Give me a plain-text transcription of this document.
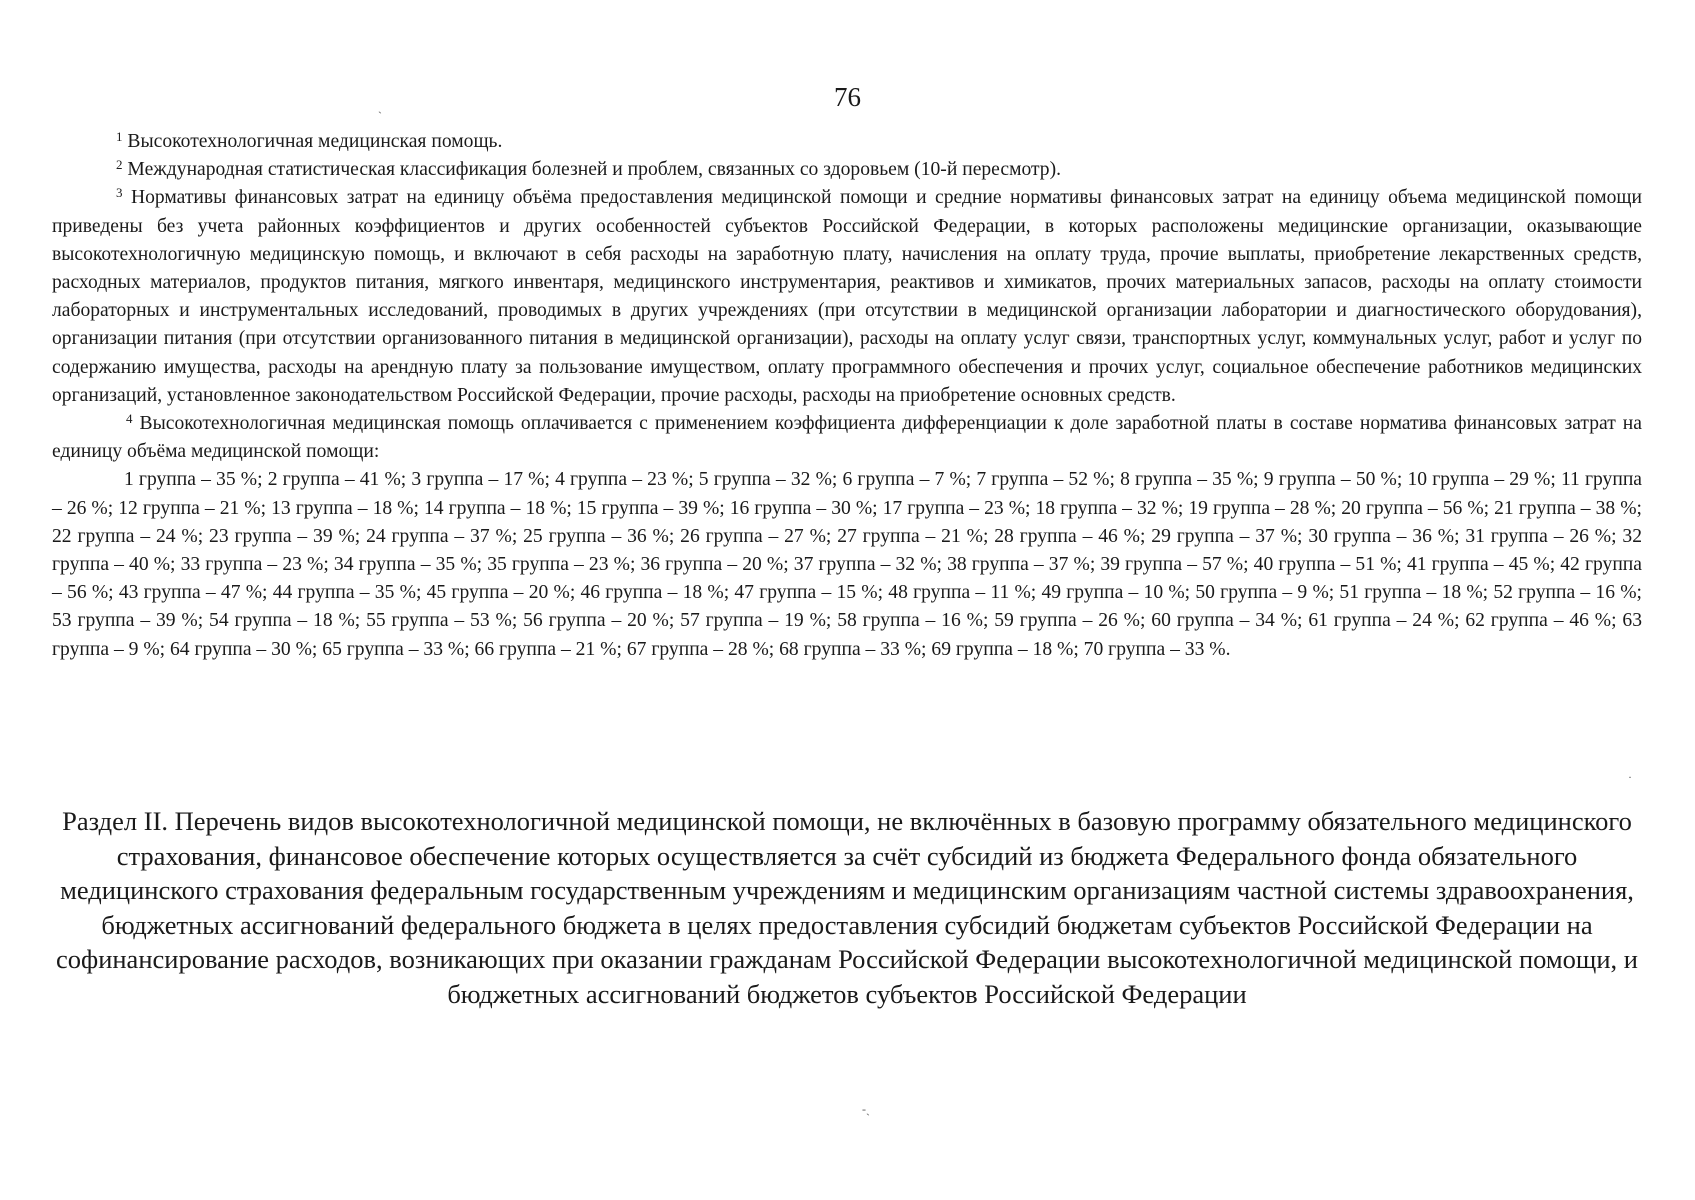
76

$^1$ Высокотехнологичная медицинская помощь.

$^2$ Международная статистическая классификация болезней и проблем, связанных со здоровьем (10-й пересмотр).

$^3$ Нормативы финансовых затрат на единицу объёма предоставления медицинской помощи и средние нормативы финансовых затрат на единицу объема медицинской помощи приведены без учета районных коэффициентов и других особенностей субъектов Российской Федерации, в которых расположены медицинские организации, оказывающие высокотехнологичную медицинскую помощь, и включают в себя расходы на заработную плату, начисления на оплату труда, прочие выплаты, приобретение лекарственных средств, расходных материалов, продуктов питания, мягкого инвентаря, медицинского инструментария, реактивов и химикатов, прочих материальных запасов, расходы на оплату стоимости лабораторных и инструментальных исследований, проводимых в других учреждениях (при отсутствии в медицинской организации лаборатории и диагностического оборудования), организации питания (при отсутствии организованного питания в медицинской организации), расходы на оплату услуг связи, транспортных услуг, коммунальных услуг, работ и услуг по содержанию имущества, расходы на арендную плату за пользование имуществом, оплату программного обеспечения и прочих услуг, социальное обеспечение работников медицинских организаций, установленное законодательством Российской Федерации, прочие расходы, расходы на приобретение основных средств.

$^4$ Высокотехнологичная медицинская помощь оплачивается с применением коэффициента дифференциации к доле заработной платы в составе норматива финансовых затрат на единицу объёма медицинской помощи:

1 группа – 35 %; 2 группа – 41 %; 3 группа – 17 %; 4 группа – 23 %; 5 группа – 32 %; 6 группа – 7 %; 7 группа – 52 %; 8 группа – 35 %; 9 группа – 50 %; 10 группа – 29 %; 11 группа – 26 %; 12 группа – 21 %; 13 группа – 18 %; 14 группа – 18 %; 15 группа – 39 %; 16 группа – 30 %; 17 группа – 23 %; 18 группа – 32 %; 19 группа – 28 %; 20 группа – 56 %; 21 группа – 38 %; 22 группа – 24 %; 23 группа – 39 %; 24 группа – 37 %; 25 группа – 36 %; 26 группа – 27 %; 27 группа – 21 %; 28 группа – 46 %; 29 группа – 37 %; 30 группа – 36 %; 31 группа – 26 %; 32 группа – 40 %; 33 группа – 23 %; 34 группа – 35 %; 35 группа – 23 %; 36 группа – 20 %; 37 группа – 32 %; 38 группа – 37 %; 39 группа – 57 %; 40 группа – 51 %; 41 группа – 45 %; 42 группа – 56 %; 43 группа – 47 %; 44 группа – 35 %; 45 группа – 20 %; 46 группа – 18 %; 47 группа – 15 %; 48 группа – 11 %; 49 группа – 10 %; 50 группа – 9 %; 51 группа – 18 %; 52 группа – 16 %; 53 группа – 39 %; 54 группа – 18 %; 55 группа – 53 %; 56 группа – 20 %; 57 группа – 19 %; 58 группа – 16 %; 59 группа – 26 %; 60 группа – 34 %; 61 группа – 24 %; 62 группа – 46 %; 63 группа – 9 %; 64 группа – 30 %; 65 группа – 33 %; 66 группа – 21 %; 67 группа – 28 %; 68 группа – 33 %; 69 группа – 18 %; 70 группа – 33 %.

Раздел II. Перечень видов высокотехнологичной медицинской помощи, не включённых в базовую программу обязательного медицинского страхования, финансовое обеспечение которых осуществляется за счёт субсидий из бюджета Федерального фонда обязательного медицинского страхования федеральным государственным учреждениям и медицинским организациям частной системы здравоохранения, бюджетных ассигнований федерального бюджета в целях предоставления субсидий бюджетам субъектов Российской Федерации на софинансирование расходов, возникающих при оказании гражданам Российской Федерации высокотехнологичной медицинской помощи, и бюджетных ассигнований бюджетов субъектов Российской Федерации
ˏ
·
-ˎ
